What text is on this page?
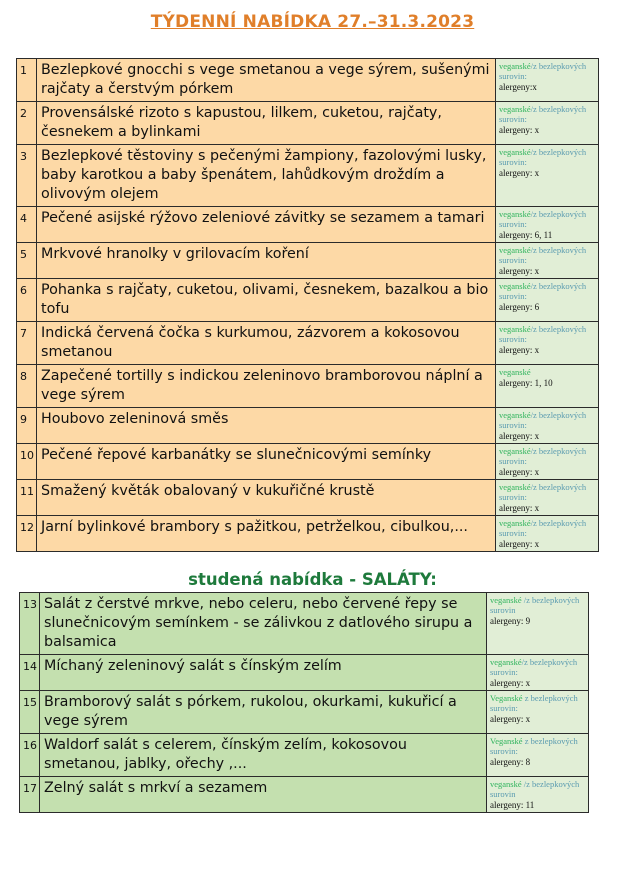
TÝDENNÍ NABÍDKA 27.–31.3.2023
1	Bezlepkové gnocchi s vege smetanou a vege sýrem, sušenými rajčaty a čerstvým pórkem	veganské/z bezlepkových surovin:
alergeny:x

2	Provensálské rizoto s kapustou, lilkem, cuketou, rajčaty, česnekem a bylinkami	veganské/z bezlepkových surovin:
alergeny: x

3	Bezlepkové těstoviny s pečenými žampiony, fazolovými lusky, baby karotkou a baby špenátem, lahůdkovým droždím a olivovým olejem	veganské/z bezlepkových surovin:
alergeny: x

4	Pečené asijské rýžovo zeleniové závitky se sezamem a tamari	veganské/z bezlepkových surovin:
alergeny: 6, 11

5	Mrkvové hranolky v grilovacím koření	veganské/z bezlepkových surovin:
alergeny: x

6	Pohanka s rajčaty, cuketou, olivami, česnekem, bazalkou a bio tofu	veganské/z bezlepkových surovin:
alergeny: 6

7	Indická červená čočka s kurkumou, zázvorem a kokosovou smetanou	veganské/z bezlepkových surovin:
alergeny: x

8	Zapečené tortilly s indickou zeleninovo bramborovou náplní a vege sýrem	veganské
alergeny: 1, 10

9	Houbovo zeleninová směs	veganské/z bezlepkových surovin:
alergeny: x

10	Pečené řepové karbanátky se slunečnicovými semínky	veganské/z bezlepkových surovin:
alergeny: x

11	Smažený květák obalovaný v kukuřičné krustě	veganské/z bezlepkových surovin:
alergeny: x

12	Jarní bylinkové brambory s pažitkou, petrželkou, cibulkou,...	veganské/z bezlepkových surovin:
alergeny: x
studená nabídka - SALÁTY:
13	Salát z čerstvé mrkve, nebo celeru, nebo červené řepy se slunečnicovým semínkem - se zálivkou z datlového sirupu a balsamica	veganské /z bezlepkových surovin
alergeny: 9

14	Míchaný zeleninový salát s čínským zelím	veganské/z bezlepkových surovin:
alergeny: x

15	Bramborový salát s pórkem, rukolou, okurkami, kukuřicí a vege sýrem	Veganské z bezlepkových surovin:
alergeny: x

16	Waldorf salát s celerem, čínským zelím, kokosovou smetanou, jablky, ořechy ,...	Veganské z bezlepkových surovin:
alergeny: 8

17	Zelný salát s mrkví a sezamem	veganské /z bezlepkových surovin
alergeny: 11
